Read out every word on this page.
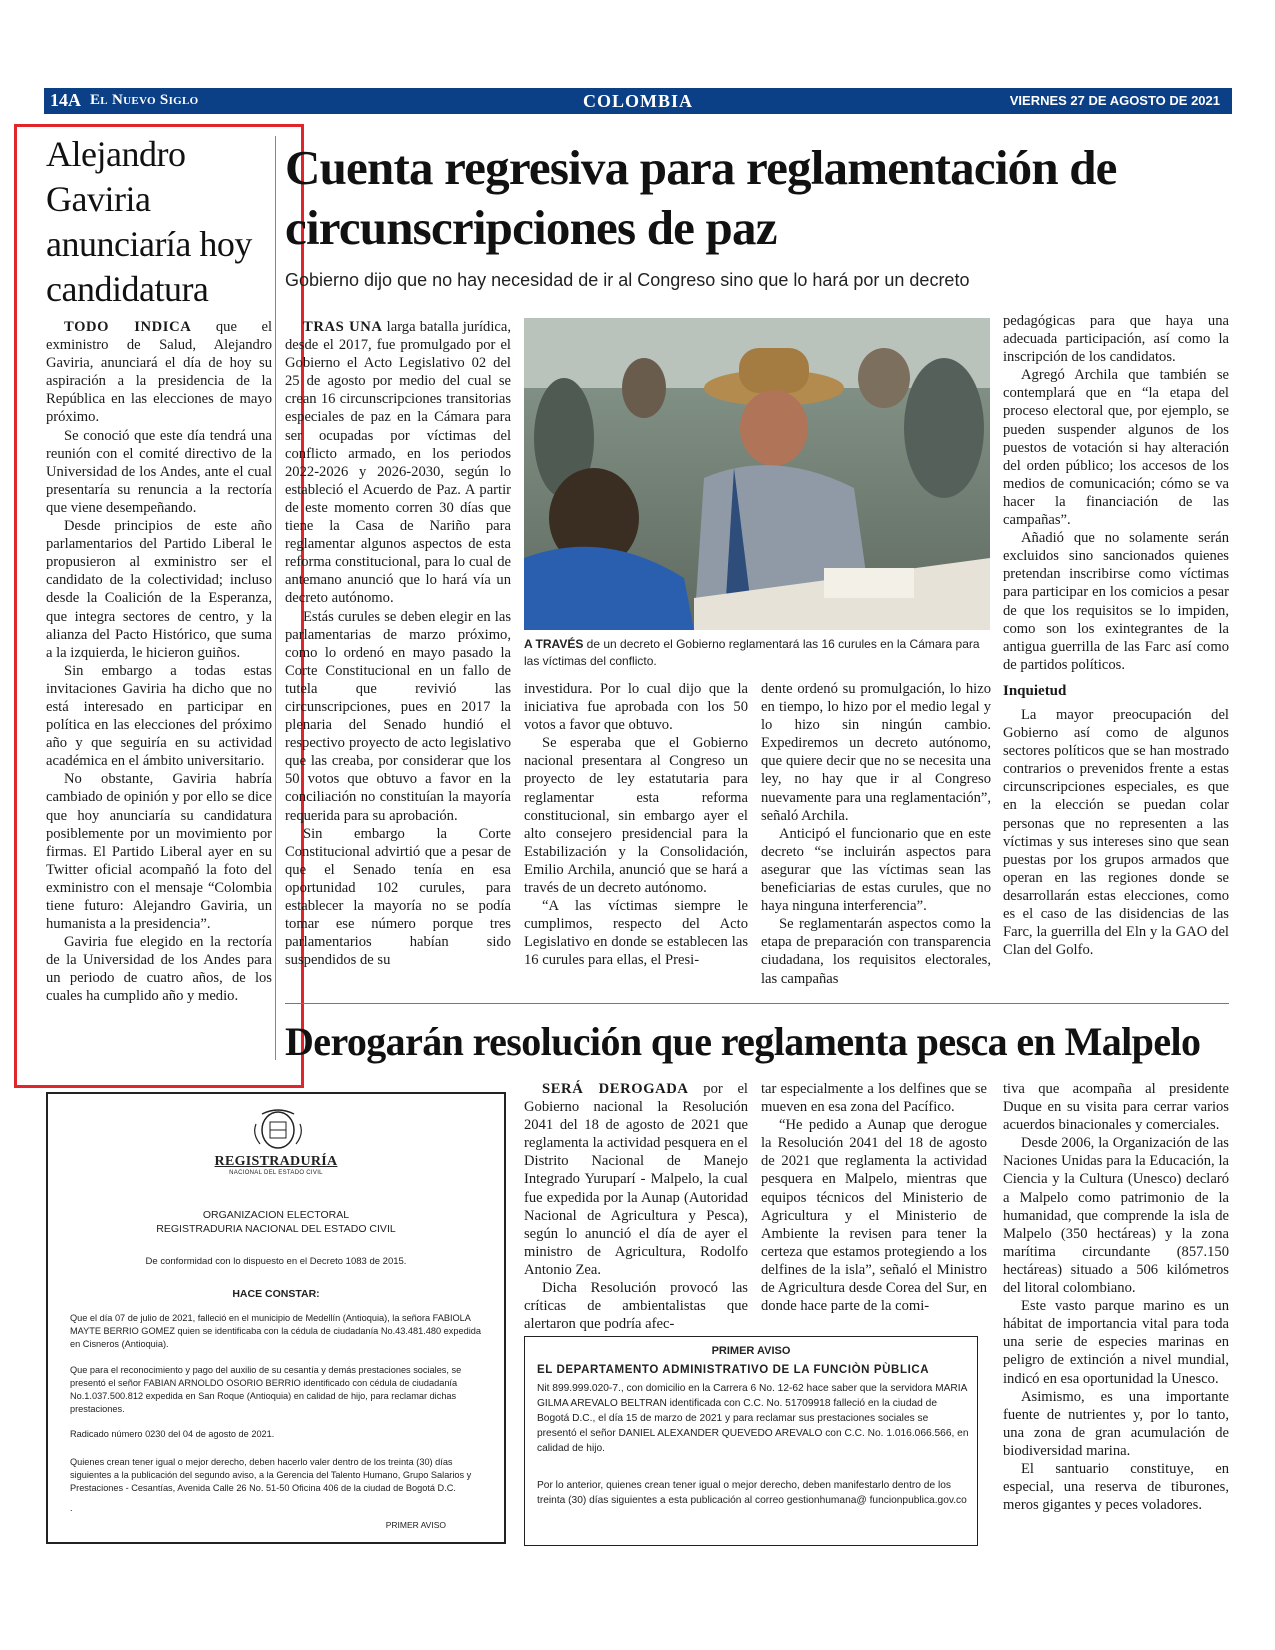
14A El Nuevo Siglo	COLOMBIA	VIERNES 27 DE AGOSTO DE 2021
Alejandro Gaviria anunciaría hoy candidatura

TODO INDICA que el exministro de Salud, Alejandro Gaviria, anunciará el día de hoy su aspiración a la presidencia de la República en las elecciones de mayo próximo.

Se conoció que este día tendrá una reunión con el comité directivo de la Universidad de los Andes, ante el cual presentaría su renuncia a la rectoría que viene desempeñando.

Desde principios de este año parlamentarios del Partido Liberal le propusieron al exministro ser el candidato de la colectividad; incluso desde la Coalición de la Esperanza, que integra sectores de centro, y la alianza del Pacto Histórico, que suma a la izquierda, le hicieron guiños.

Sin embargo a todas estas invitaciones Gaviria ha dicho que no está interesado en participar en política en las elecciones del próximo año y que seguiría en su actividad académica en el ámbito universitario.

No obstante, Gaviria habría cambiado de opinión y por ello se dice que hoy anunciaría su candidatura posiblemente por un movimiento por firmas. El Partido Liberal ayer en su Twitter oficial acompañó la foto del exministro con el mensaje “Colombia tiene futuro: Alejandro Gaviria, un humanista a la presidencia”.

Gaviria fue elegido en la rectoría de la Universidad de los Andes para un periodo de cuatro años, de los cuales ha cumplido año y medio.

Cuenta regresiva para reglamentación de circunscripciones de paz
Gobierno dijo que no hay necesidad de ir al Congreso sino que lo hará por un decreto

TRAS UNA larga batalla jurídica, desde el 2017, fue promulgado por el Gobierno el Acto Legislativo 02 del 25 de agosto por medio del cual se crean 16 circunscripciones transitorias especiales de paz en la Cámara para ser ocupadas por víctimas del conflicto armado, en los periodos 2022-2026 y 2026-2030, según lo estableció el Acuerdo de Paz. A partir de este momento corren 30 días que tiene la Casa de Nariño para reglamentar algunos aspectos de esta reforma constitucional, para lo cual de antemano anunció que lo hará vía un decreto autónomo.

Estás curules se deben elegir en las parlamentarias de marzo próximo, como lo ordenó en mayo pasado la Corte Constitucional en un fallo de tutela que revivió las circunscripciones, pues en 2017 la plenaria del Senado hundió el respectivo proyecto de acto legislativo que las creaba, por considerar que los 50 votos que obtuvo a favor en la conciliación no constituían la mayoría requerida para su aprobación.

Sin embargo la Corte Constitucional advirtió que a pesar de que el Senado tenía en esa oportunidad 102 curules, para establecer la mayoría no se podía tomar ese número porque tres parlamentarios habían sido suspendidos de su

A TRAVÉS de un decreto el Gobierno reglamentará las 16 curules en la Cámara para las víctimas del conflicto.

investidura. Por lo cual dijo que la iniciativa fue aprobada con los 50 votos a favor que obtuvo.

Se esperaba que el Gobierno nacional presentara al Congreso un proyecto de ley estatutaria para reglamentar esta reforma constitucional, sin embargo ayer el alto consejero presidencial para la Estabilización y la Consolidación, Emilio Archila, anunció que se hará a través de un decreto autónomo.

“A las víctimas siempre le cumplimos, respecto del Acto Legislativo en donde se establecen las 16 curules para ellas, el Presi-

dente ordenó su promulgación, lo hizo en tiempo, lo hizo por el medio legal y lo hizo sin ningún cambio. Expediremos un decreto autónomo, que quiere decir que no se necesita una ley, no hay que ir al Congreso nuevamente para una reglamentación”, señaló Archila.

Anticipó el funcionario que en este decreto “se incluirán aspectos para asegurar que las víctimas sean las beneficiarias de estas curules, que no haya ninguna interferencia”.

Se reglamentarán aspectos como la etapa de preparación con transparencia ciudadana, los requisitos electorales, las campañas

pedagógicas para que haya una adecuada participación, así como la inscripción de los candidatos.

Agregó Archila que también se contemplará que en “la etapa del proceso electoral que, por ejemplo, se pueden suspender algunos de los puestos de votación si hay alteración del orden público; los accesos de los medios de comunicación; cómo se va hacer la financiación de las campañas”.

Añadió que no solamente serán excluidos sino sancionados quienes pretendan inscribirse como víctimas para participar en los comicios a pesar de que los requisitos se lo impiden, como son los exintegrantes de la antigua guerrilla de las Farc así como de partidos políticos.

Inquietud

La mayor preocupación del Gobierno así como de algunos sectores políticos que se han mostrado contrarios o prevenidos frente a estas circunscripciones especiales, es que en la elección se puedan colar personas que no representen a las víctimas y sus intereses sino que sean puestas por los grupos armados que operan en las regiones donde se desarrollarán estas elecciones, como es el caso de las disidencias de las Farc, la guerrilla del Eln y la GAO del Clan del Golfo.

Derogarán resolución que reglamenta pesca en Malpelo

SERÁ DEROGADA por el Gobierno nacional la Resolución 2041 del 18 de agosto de 2021 que reglamenta la actividad pesquera en el Distrito Nacional de Manejo Integrado Yuruparí - Malpelo, la cual fue expedida por la Aunap (Autoridad Nacional de Agricultura y Pesca), según lo anunció el día de ayer el ministro de Agricultura, Rodolfo Antonio Zea.

Dicha Resolución provocó las críticas de ambientalistas que alertaron que podría afec-

tar especialmente a los delfines que se mueven en esa zona del Pacífico.

“He pedido a Aunap que derogue la Resolución 2041 del 18 de agosto de 2021 que reglamenta la actividad pesquera en Malpelo, mientras que equipos técnicos del Ministerio de Agricultura y el Ministerio de Ambiente la revisen para tener la certeza que estamos protegiendo a los delfines de la isla”, señaló el Ministro de Agricultura desde Corea del Sur, en donde hace parte de la comi-

tiva que acompaña al presidente Duque en su visita para cerrar varios acuerdos binacionales y comerciales.

Desde 2006, la Organización de las Naciones Unidas para la Educación, la Ciencia y la Cultura (Unesco) declaró a Malpelo como patrimonio de la humanidad, que comprende la isla de Malpelo (350 hectáreas) y la zona marítima circundante (857.150 hectáreas) situado a 506 kilómetros del litoral colombiano.

Este vasto parque marino es un hábitat de importancia vital para toda una serie de especies marinas en peligro de extinción a nivel mundial, indicó en esa oportunidad la Unesco.

Asimismo, es una importante fuente de nutrientes y, por lo tanto, una zona de gran acumulación de biodiversidad marina.

El santuario constituye, en especial, una reserva de tiburones, meros gigantes y peces voladores.

REGISTRADURÍA
NACIONAL DEL ESTADO CIVIL
ORGANIZACION ELECTORAL
REGISTRADURIA NACIONAL DEL ESTADO CIVIL
De conformidad con lo dispuesto en el Decreto 1083 de 2015.
HACE CONSTAR:
Que el día 07 de julio de 2021, falleció en el municipio de Medellín (Antioquia), la señora FABIOLA MAYTE BERRIO GOMEZ quien se identificaba con la cédula de ciudadanía No.43.481.480 expedida en Cisneros (Antioquia).
Que para el reconocimiento y pago del auxilio de su cesantía y demás prestaciones sociales, se presentó el señor FABIAN ARNOLDO OSORIO BERRIO identificado con cédula de ciudadanía No.1.037.500.812 expedida en San Roque (Antioquia) en calidad de hijo, para reclamar dichas prestaciones.
Radicado número 0230 del 04 de agosto de 2021.
Quienes crean tener igual o mejor derecho, deben hacerlo valer dentro de los treinta (30) días siguientes a la publicación del segundo aviso, a la Gerencia del Talento Humano, Grupo Salarios y Prestaciones - Cesantías, Avenida Calle 26 No. 51-50 Oficina 406 de la ciudad de Bogotá D.C.
.
PRIMER AVISO
PRIMER AVISO
EL DEPARTAMENTO ADMINISTRATIVO DE LA FUNCIÒN PÙBLICA
Nit 899.999.020-7., con domicilio en la Carrera 6 No. 12-62 hace saber que la servidora MARIA GILMA AREVALO BELTRAN identificada con C.C. No. 51709918 falleció en la ciudad de Bogotá D.C., el día 15 de marzo de 2021 y para reclamar sus prestaciones sociales se presentó el señor DANIEL ALEXANDER QUEVEDO AREVALO con C.C. No. 1.016.066.566, en calidad de hijo.
Por lo anterior, quienes crean tener igual o mejor derecho, deben manifestarlo dentro de los treinta (30) días siguientes a esta publicación al correo gestionhumana@ funcionpublica.gov.co
